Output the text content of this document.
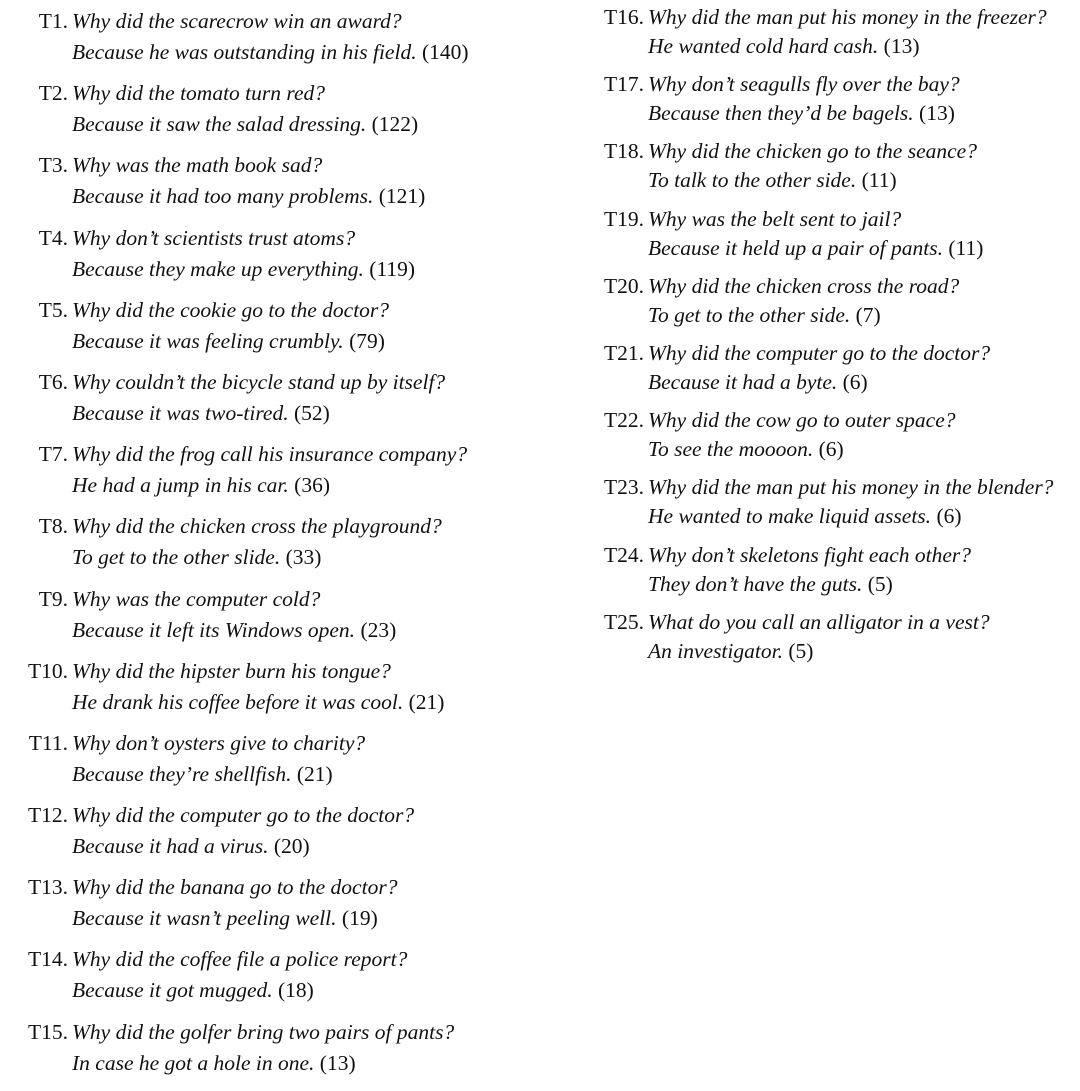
T1. Why did the scarecrow win an award?
Because he was outstanding in his field. (140)
T2. Why did the tomato turn red?
Because it saw the salad dressing. (122)
T3. Why was the math book sad?
Because it had too many problems. (121)
T4. Why don’t scientists trust atoms?
Because they make up everything. (119)
T5. Why did the cookie go to the doctor?
Because it was feeling crumbly. (79)
T6. Why couldn’t the bicycle stand up by itself?
Because it was two-tired. (52)
T7. Why did the frog call his insurance company?
He had a jump in his car. (36)
T8. Why did the chicken cross the playground?
To get to the other slide. (33)
T9. Why was the computer cold?
Because it left its Windows open. (23)
T10. Why did the hipster burn his tongue?
He drank his coffee before it was cool. (21)
T11. Why don’t oysters give to charity?
Because they’re shellfish. (21)
T12. Why did the computer go to the doctor?
Because it had a virus. (20)
T13. Why did the banana go to the doctor?
Because it wasn’t peeling well. (19)
T14. Why did the coffee file a police report?
Because it got mugged. (18)
T15. Why did the golfer bring two pairs of pants?
In case he got a hole in one. (13)
T16. Why did the man put his money in the freezer?
He wanted cold hard cash. (13)
T17. Why don’t seagulls fly over the bay?
Because then they’d be bagels. (13)
T18. Why did the chicken go to the seance?
To talk to the other side. (11)
T19. Why was the belt sent to jail?
Because it held up a pair of pants. (11)
T20. Why did the chicken cross the road?
To get to the other side. (7)
T21. Why did the computer go to the doctor?
Because it had a byte. (6)
T22. Why did the cow go to outer space?
To see the moooon. (6)
T23. Why did the man put his money in the blender?
He wanted to make liquid assets. (6)
T24. Why don’t skeletons fight each other?
They don’t have the guts. (5)
T25. What do you call an alligator in a vest?
An investigator. (5)
